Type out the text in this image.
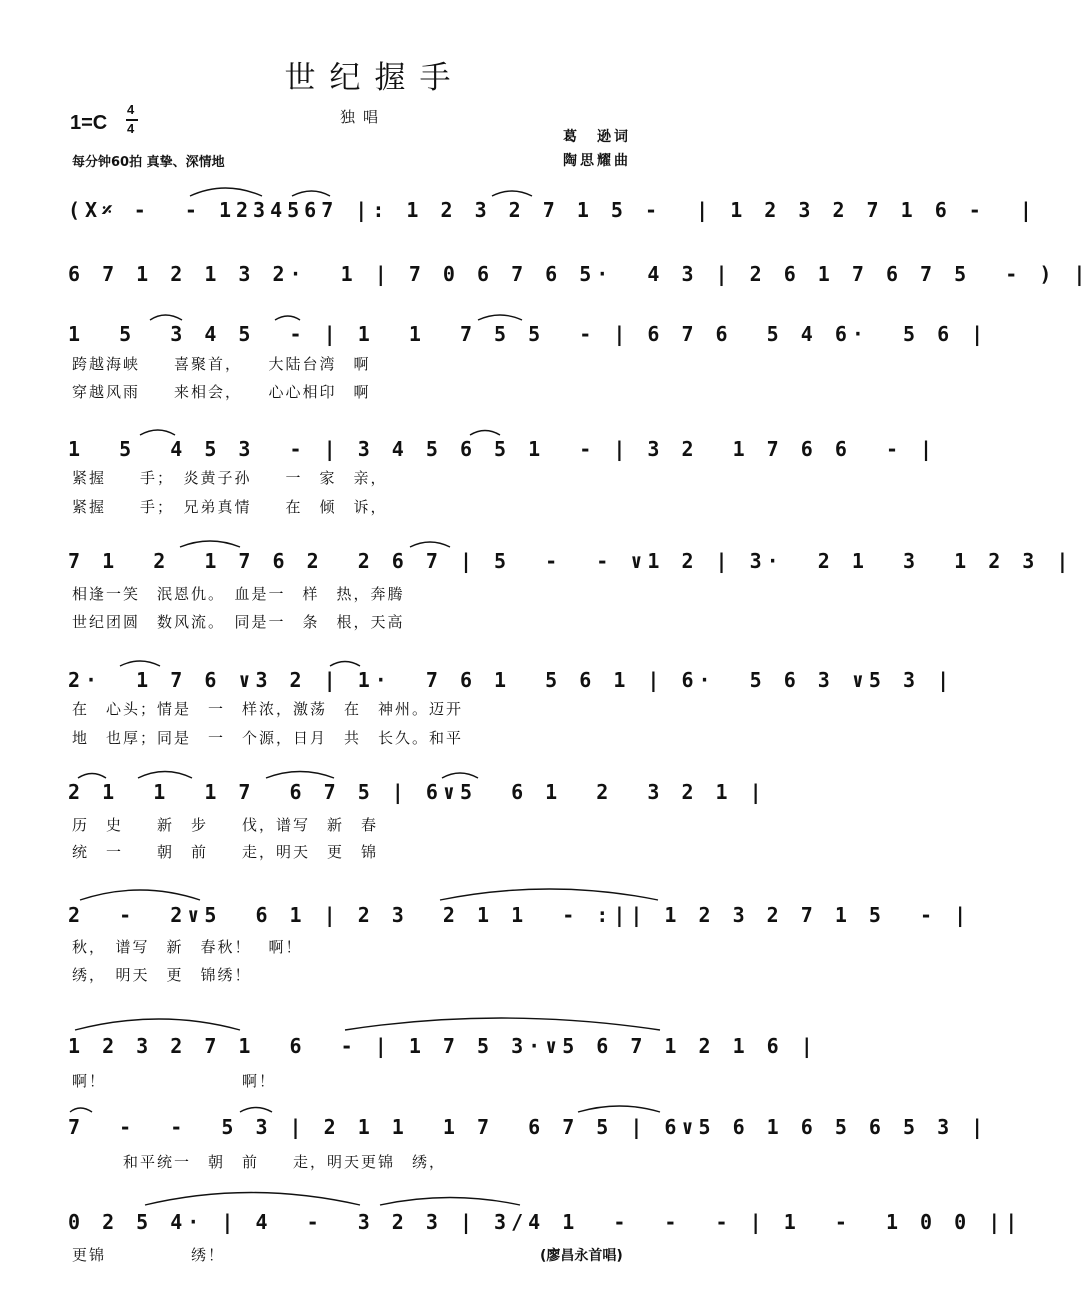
世纪握手
1=C
4
4
独唱
葛　逊词
陶思耀曲
每分钟60拍 真挚、深情地
(X𝄎 -  - 1234567 |: 1 2 3 2 7 1 5 -  | 1 2 3 2 7 1 6 -  |
6 7 1 2 1 3 2·  1 | 7 0 6 7 6 5·  4 3 | 2 6 1 7 6 7 5  - ) |
1  5  3 4 5  - | 1  1  7 5 5  - | 6 7 6  5 4 6·  5 6 |
跨越海峡　　喜聚首，　　大陆台湾　啊
穿越风雨　　来相会，　　心心相印　啊
1  5  4 5 3  - | 3 4 5 6 5 1  - | 3 2  1 7 6 6  - |
紧握　　手；　炎黄子孙　　一　家　亲，
紧握　　手；　兄弟真情　　在　倾　诉，
7 1  2  1 7 6 2  2 6 7 | 5  -  - ∨1 2 | 3·  2 1  3  1 2 3 |
相逢一笑　泯恩仇。　血是一　样　热，奔腾
世纪团圆　数风流。　同是一　条　根，天高
2·  1 7 6 ∨3 2 | 1·  7 6 1  5 6 1 | 6·  5 6 3 ∨5 3 |
在　心头；情是　一　样浓，激荡　在　神州。迈开
地　也厚；同是　一　个源，日月　共　长久。和平
2 1  1  1 7  6 7 5 | 6∨5  6 1  2  3 2 1 |
历　史　　新　步　　伐，谱写　新　春
统　一　　朝　前　　走，明天　更　锦
2  -  2∨5  6 1 | 2 3  2 1 1  - :|| 1 2 3 2 7 1 5  - |
秋，　谱写　新　春秋！　啊！
绣，　明天　更　锦绣！
1 2 3 2 7 1  6  - | 1 7 5 3·∨5 6 7 1 2 1 6 |
啊！　　　　　　　　啊！
7  -  -  5 3 | 2 1 1  1 7  6 7 5 | 6∨5 6 1 6 5 6 5 3 |
　　　和平统一　朝　前　　走，明天更锦　绣，
0 2 5 4· | 4  -  3 2 3 | 3/4 1  -  -  - | 1  -  1 0 0 ||
更锦　　　　　绣！	(廖昌永首唱)
